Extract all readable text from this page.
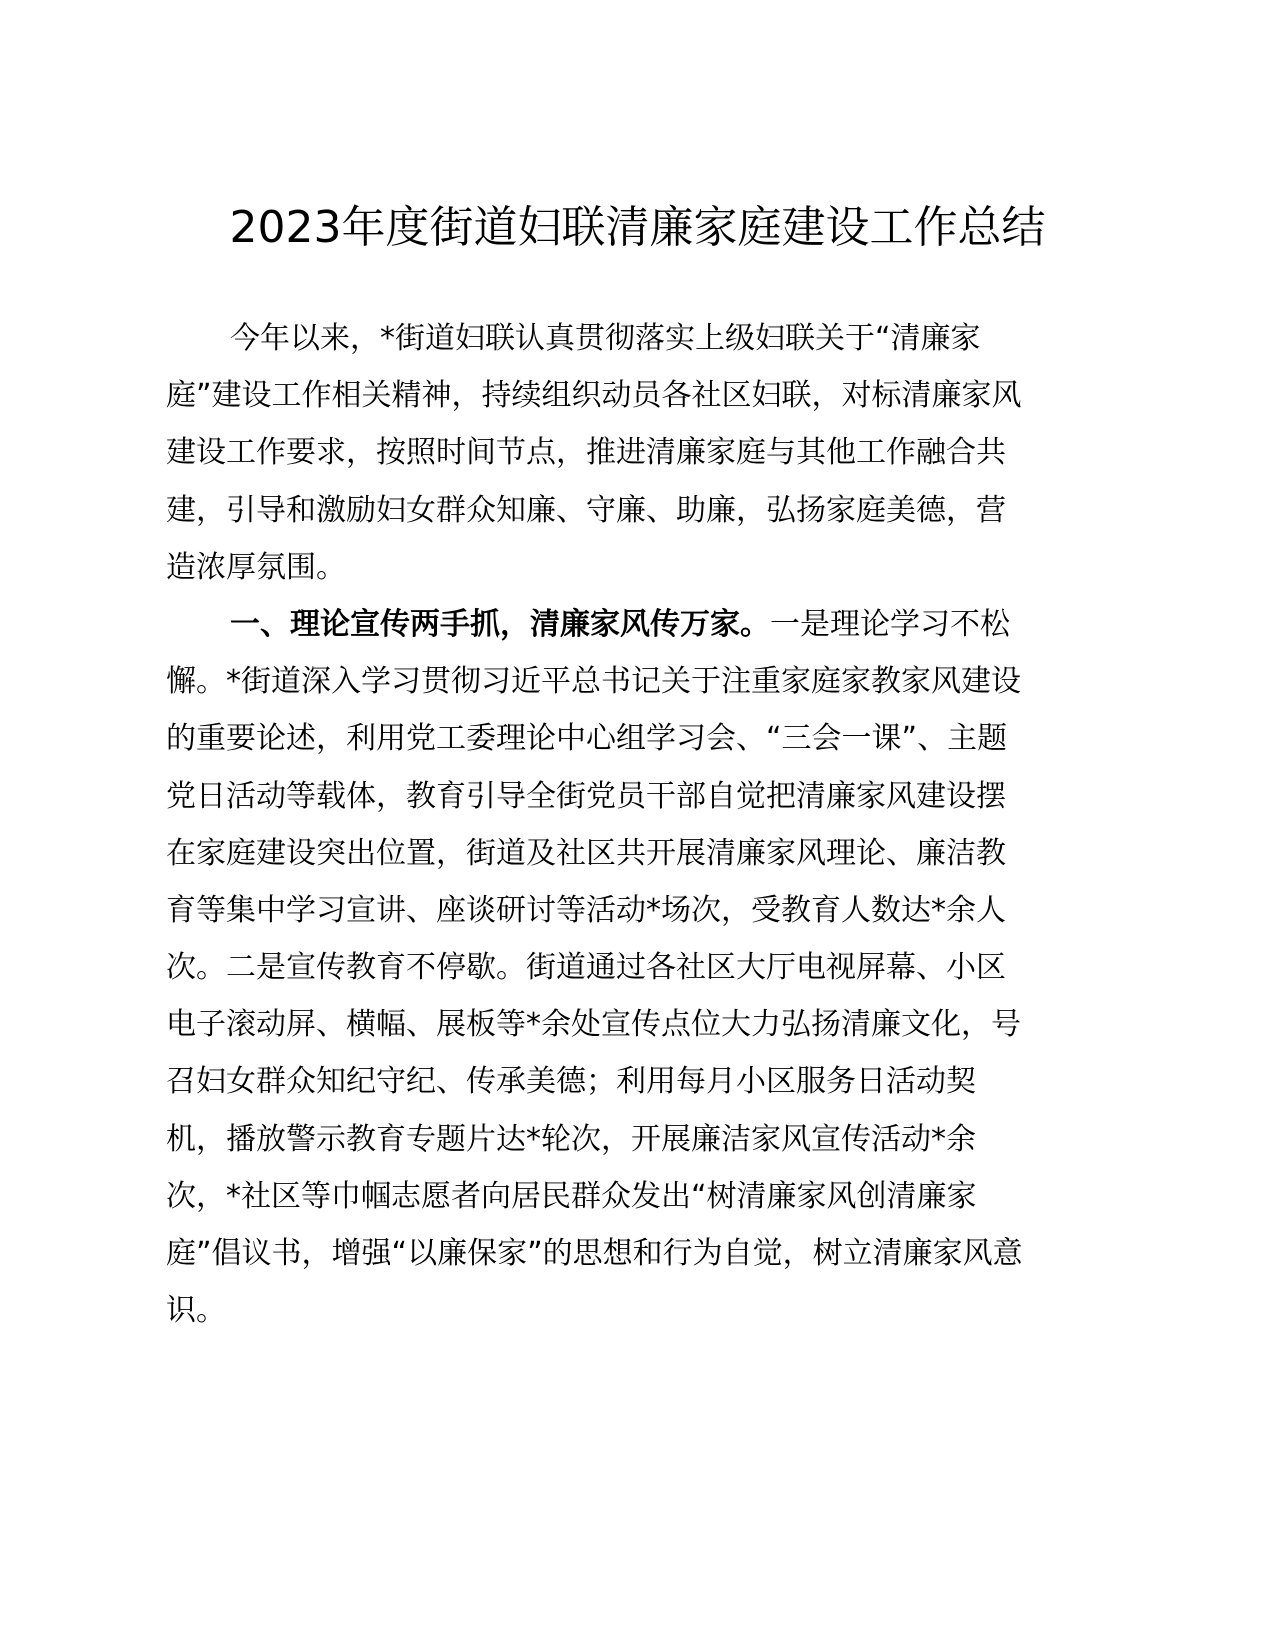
2023年度街道妇联清廉家庭建设工作总结
今年以来，*街道妇联认真贯彻落实上级妇联关于“清廉家
庭”建设工作相关精神，持续组织动员各社区妇联，对标清廉家风
建设工作要求，按照时间节点，推进清廉家庭与其他工作融合共
建，引导和激励妇女群众知廉、守廉、助廉，弘扬家庭美德，营
造浓厚氛围。
一、理论宣传两手抓，清廉家风传万家。一是理论学习不松
懈。*街道深入学习贯彻习近平总书记关于注重家庭家教家风建设
的重要论述，利用党工委理论中心组学习会、“三会一课”、主题
党日活动等载体，教育引导全街党员干部自觉把清廉家风建设摆
在家庭建设突出位置，街道及社区共开展清廉家风理论、廉洁教
育等集中学习宣讲、座谈研讨等活动*场次，受教育人数达*余人
次。二是宣传教育不停歇。街道通过各社区大厅电视屏幕、小区
电子滚动屏、横幅、展板等*余处宣传点位大力弘扬清廉文化，号
召妇女群众知纪守纪、传承美德；利用每月小区服务日活动契
机，播放警示教育专题片达*轮次，开展廉洁家风宣传活动*余
次，*社区等巾帼志愿者向居民群众发出“树清廉家风创清廉家
庭”倡议书，增强“以廉保家”的思想和行为自觉，树立清廉家风意
识。
